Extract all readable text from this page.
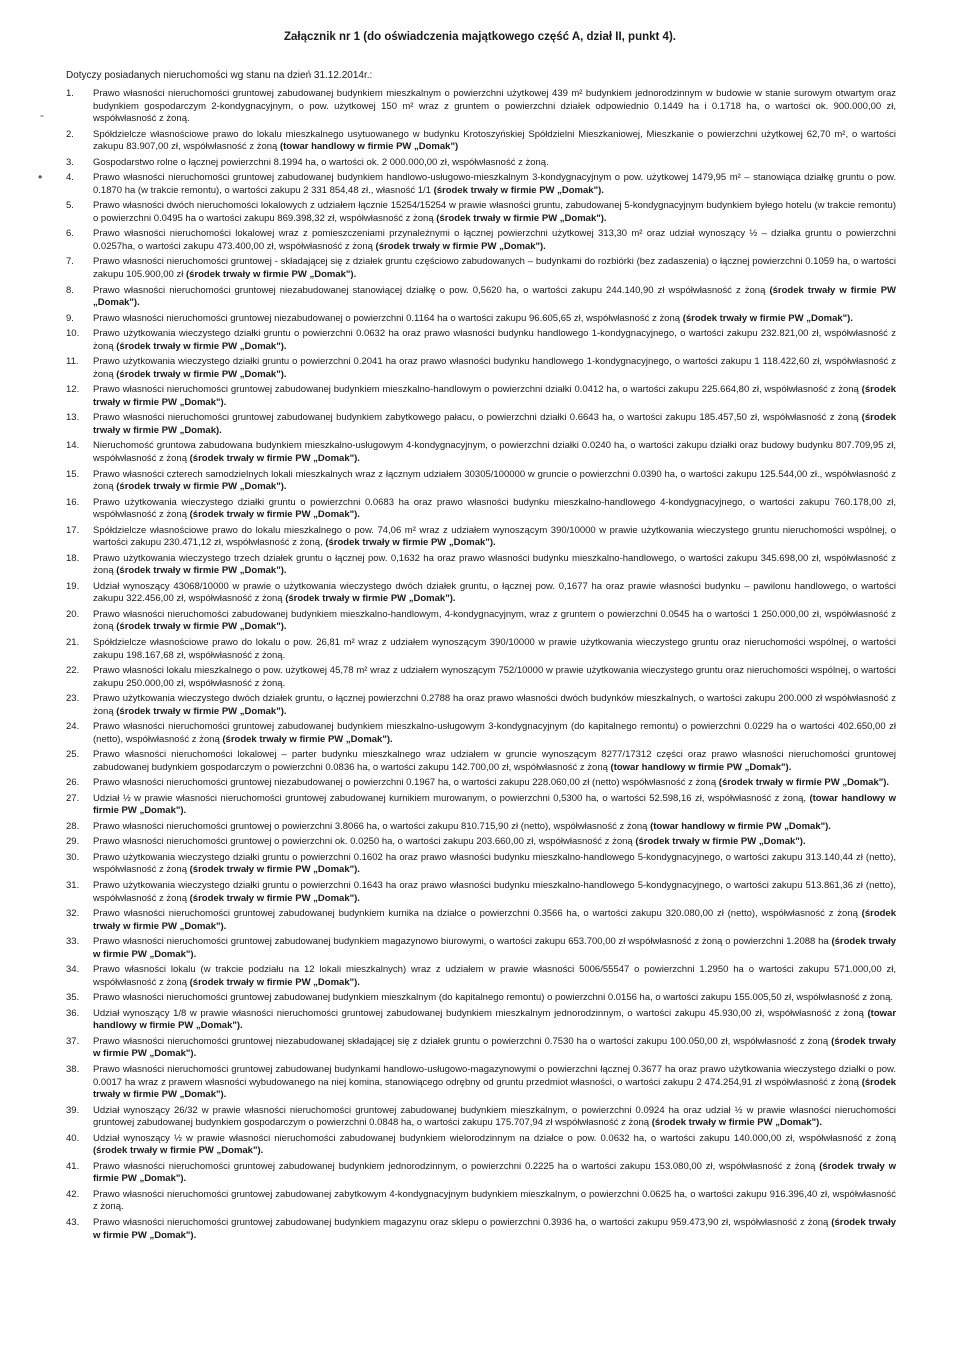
Załącznik nr 1 (do oświadczenia majątkowego część A, dział II, punkt 4).
Dotyczy posiadanych nieruchomości wg stanu na dzień 31.12.2014r.:
-
•
1. Prawo własności nieruchomości gruntowej zabudowanej budynkiem mieszkalnym o powierzchni użytkowej 439 m² budynkiem jednorodzinnym w budowie w stanie surowym otwartym oraz budynkiem gospodarczym 2-kondygnacyjnym, o pow. użytkowej 150 m² wraz z gruntem o powierzchni działek odpowiednio 0.1449 ha i 0.1718 ha, o wartości ok. 900.000,00 zł, współwłasność z żoną.
2. Spółdzielcze własnościowe prawo do lokalu mieszkalnego usytuowanego w budynku Krotoszyńskiej Spółdzielni Mieszkaniowej, Mieszkanie o powierzchni użytkowej 62,70 m², o wartości zakupu 83.907,00 zł, współwłasność z żoną (towar handlowy w firmie PW „Domak")
3. Gospodarstwo rolne o łącznej powierzchni 8.1994 ha, o wartości ok. 2 000.000,00 zł, współwłasność z żoną.
4. Prawo własności nieruchomości gruntowej zabudowanej budynkiem handlowo-usługowo-mieszkalnym 3-kondygnacyjnym o pow. użytkowej 1479,95 m² – stanowiąca działkę gruntu o pow. 0.1870 ha (w trakcie remontu), o wartości zakupu 2 331 854,48 zł., własność 1/1 (środek trwały w firmie PW „Domak").
5. Prawo własności dwóch nieruchomości lokalowych z udziałem łącznie 15254/15254 w prawie własności gruntu, zabudowanej 5-kondygnacyjnym budynkiem byłego hotelu (w trakcie remontu) o powierzchni 0.0495 ha o wartości zakupu 869.398,32 zł, współwłasność z żoną (środek trwały w firmie PW „Domak").
6. Prawo własności nieruchomości lokalowej wraz z pomieszczeniami przynależnymi o łącznej powierzchni użytkowej 313,30 m² oraz udział wynoszący ½ – działka gruntu o powierzchni 0.0257ha, o wartości zakupu 473.400,00 zł, współwłasność z żoną (środek trwały w firmie PW „Domak").
7. Prawo własności nieruchomości gruntowej - składającej się z działek gruntu częściowo zabudowanych – budynkami do rozbiórki (bez zadaszenia) o łącznej powierzchni 0.1059 ha, o wartości zakupu 105.900,00 zł (środek trwały w firmie PW „Domak").
8. Prawo własności nieruchomości gruntowej niezabudowanej stanowiącej działkę o pow. 0,5620 ha, o wartości zakupu 244.140,90 zł współwłasność z żoną (środek trwały w firmie PW „Domak").
9. Prawo własności nieruchomości gruntowej niezabudowanej o powierzchni 0.1164 ha o wartości zakupu 96.605,65 zł, współwłasność z żoną (środek trwały w firmie PW „Domak").
10. Prawo użytkowania wieczystego działki gruntu o powierzchni 0.0632 ha oraz prawo własności budynku handlowego 1-kondygnacyjnego, o wartości zakupu 232.821,00 zł, współwłasność z żoną (środek trwały w firmie PW „Domak").
11. Prawo użytkowania wieczystego działki gruntu o powierzchni 0.2041 ha oraz prawo własności budynku handlowego 1-kondygnacyjnego, o wartości zakupu 1 118.422,60 zł, współwłasność z żoną (środek trwały w firmie PW „Domak").
12. Prawo własności nieruchomości gruntowej zabudowanej budynkiem mieszkalno-handlowym o powierzchni działki 0.0412 ha, o wartości zakupu 225.664,80 zł, współwłasność z żoną (środek trwały w firmie PW „Domak").
13. Prawo własności nieruchomości gruntowej zabudowanej budynkiem zabytkowego pałacu, o powierzchni działki 0.6643 ha, o wartości zakupu 185.457,50 zł, współwłasność z żoną (środek trwały w firmie PW „Domak).
14. Nieruchomość gruntowa zabudowana budynkiem mieszkalno-usługowym 4-kondygnacyjnym, o powierzchni działki 0.0240 ha, o wartości zakupu działki oraz budowy budynku 807.709,95 zł, współwłasność z żoną (środek trwały w firmie PW „Domak").
15. Prawo własności czterech samodzielnych lokali mieszkalnych wraz z łącznym udziałem 30305/100000 w gruncie o powierzchni 0.0390 ha, o wartości zakupu 125.544,00 zł., współwłasność z żoną (środek trwały w firmie PW „Domak").
16. Prawo użytkowania wieczystego działki gruntu o powierzchni 0.0683 ha oraz prawo własności budynku mieszkalno-handlowego 4-kondygnacyjnego, o wartości zakupu 760.178,00 zł, współwłasność z żoną (środek trwały w firmie PW „Domak").
17. Spółdzielcze własnościowe prawo do lokalu mieszkalnego o pow. 74,06 m² wraz z udziałem wynoszącym 390/10000 w prawie użytkowania wieczystego gruntu nieruchomości wspólnej, o wartości zakupu 230.471,12 zł, współwłasność z żoną, (środek trwały w firmie PW „Domak").
18. Prawo użytkowania wieczystego trzech działek gruntu o łącznej pow. 0,1632 ha oraz prawo własności budynku mieszkalno-handlowego, o wartości zakupu 345.698,00 zł, współwłasność z żoną (środek trwały w firmie PW „Domak").
19. Udział wynoszący 43068/10000 w prawie o użytkowania wieczystego dwóch działek gruntu, o łącznej pow. 0,1677 ha oraz prawie własności budynku – pawilonu handlowego, o wartości zakupu 322.456,00 zł, współwłasność z żoną (środek trwały w firmie PW „Domak").
20. Prawo własności nieruchomości zabudowanej budynkiem mieszkalno-handlowym, 4-kondygnacyjnym, wraz z gruntem o powierzchni 0.0545 ha o wartości 1 250.000,00 zł, współwłasność z żoną (środek trwały w firmie PW „Domak").
21. Spółdzielcze własnościowe prawo do lokalu o pow. 26,81 m² wraz z udziałem wynoszącym 390/10000 w prawie użytkowania wieczystego gruntu oraz nieruchomości wspólnej, o wartości zakupu 198.167,68 zł, współwłasność z żoną.
22. Prawo własności lokalu mieszkalnego o pow. użytkowej 45,78 m² wraz z udziałem wynoszącym 752/10000 w prawie użytkowania wieczystego gruntu oraz nieruchomości wspólnej, o wartości zakupu 250.000,00 zł, współwłasność z żoną.
23. Prawo użytkowania wieczystego dwóch działek gruntu, o łącznej powierzchni 0.2788 ha oraz prawo własności dwóch budynków mieszkalnych, o wartości zakupu 200.000 zł współwłasność z żoną (środek trwały w firmie PW „Domak").
24. Prawo własności nieruchomości gruntowej zabudowanej budynkiem mieszkalno-usługowym 3-kondygnacyjnym (do kapitalnego remontu) o powierzchni 0.0229 ha o wartości 402.650,00 zł (netto), współwłasność z żoną (środek trwały w firmie PW „Domak").
25. Prawo własności nieruchomości lokalowej – parter budynku mieszkalnego wraz udziałem w gruncie wynoszącym 8277/17312 części oraz prawo własności nieruchomości gruntowej zabudowanej budynkiem gospodarczym o powierzchni 0.0836 ha, o wartości zakupu 142.700,00 zł, współwłasność z żoną (towar handlowy w firmie PW „Domak").
26. Prawo własności nieruchomości gruntowej niezabudowanej o powierzchni 0.1967 ha, o wartości zakupu 228.060,00 zł (netto) współwłasność z żoną (środek trwały w firmie PW „Domak").
27. Udział ½ w prawie własności nieruchomości gruntowej zabudowanej kurnikiem murowanym, o powierzchni 0,5300 ha, o wartości 52.598,16 zł, współwłasność z żoną, (towar handlowy w firmie PW „Domak").
28. Prawo własności nieruchomości gruntowej o powierzchni 3.8066 ha, o wartości zakupu 810.715,90 zł (netto), współwłasność z żoną (towar handlowy w firmie PW „Domak").
29. Prawo własności nieruchomości gruntowej o powierzchni ok. 0.0250 ha, o wartości zakupu 203.660,00 zł, współwłasność z żoną (środek trwały w firmie PW „Domak").
30. Prawo użytkowania wieczystego działki gruntu o powierzchni 0.1602 ha oraz prawo własności budynku mieszkalno-handlowego 5-kondygnacyjnego, o wartości zakupu 313.140,44 zł (netto), współwłasność z żoną (środek trwały w firmie PW „Domak").
31. Prawo użytkowania wieczystego działki gruntu o powierzchni 0.1643 ha oraz prawo własności budynku mieszkalno-handlowego 5-kondygnacyjnego, o wartości zakupu 513.861,36 zł (netto), współwłasność z żoną (środek trwały w firmie PW „Domak").
32. Prawo własności nieruchomości gruntowej zabudowanej budynkiem kurnika na działce o powierzchni 0.3566 ha, o wartości zakupu 320.080,00 zł (netto), współwłasność z żoną (środek trwały w firmie PW „Domak").
33. Prawo własności nieruchomości gruntowej zabudowanej budynkiem magazynowo biurowymi, o wartości zakupu 653.700,00 zł współwłasność z żoną o powierzchni 1.2088 ha (środek trwały w firmie PW „Domak").
34. Prawo własności lokalu (w trakcie podziału na 12 lokali mieszkalnych) wraz z udziałem w prawie własności 5006/55547 o powierzchni 1.2950 ha o wartości zakupu 571.000,00 zł, współwłasność z żoną (środek trwały w firmie PW „Domak").
35. Prawo własności nieruchomości gruntowej zabudowanej budynkiem mieszkalnym (do kapitalnego remontu) o powierzchni 0.0156 ha, o wartości zakupu 155.005,50 zł, współwłasność z żoną.
36. Udział wynoszący 1/8 w prawie własności nieruchomości gruntowej zabudowanej budynkiem mieszkalnym jednorodzinnym, o wartości zakupu 45.930,00 zł, współwłasność z żoną (towar handlowy w firmie PW „Domak").
37. Prawo własności nieruchomości gruntowej niezabudowanej składającej się z działek gruntu o powierzchni 0.7530 ha o wartości zakupu 100.050,00 zł, współwłasność z żoną (środek trwały w firmie PW „Domak").
38. Prawo własności nieruchomości gruntowej zabudowanej budynkami handlowo-usługowo-magazynowymi o powierzchni łącznej 0.3677 ha oraz prawo użytkowania wieczystego działki o pow. 0.0017 ha wraz z prawem własności wybudowanego na niej komina, stanowiącego odrębny od gruntu przedmiot własności, o wartości zakupu 2 474.254,91 zł współwłasność z żoną (środek trwały w firmie PW „Domak").
39. Udział wynoszący 26/32 w prawie własności nieruchomości gruntowej zabudowanej budynkiem mieszkalnym, o powierzchni 0.0924 ha oraz udział ½ w prawie własności nieruchomości gruntowej zabudowanej budynkiem gospodarczym o powierzchni 0.0848 ha, o wartości zakupu 175.707,94 zł współwłasność z żoną (środek trwały w firmie PW „Domak").
40. Udział wynoszący ½ w prawie własności nieruchomości zabudowanej budynkiem wielorodzinnym na działce o pow. 0.0632 ha, o wartości zakupu 140.000,00 zł, współwłasność z żoną (środek trwały w firmie PW „Domak").
41. Prawo własności nieruchomości gruntowej zabudowanej budynkiem jednorodzinnym, o powierzchni 0.2225 ha o wartości zakupu 153.080,00 zł, współwłasność z żoną (środek trwały w firmie PW „Domak").
42. Prawo własności nieruchomości gruntowej zabudowanej zabytkowym 4-kondygnacyjnym budynkiem mieszkalnym, o powierzchni 0.0625 ha, o wartości zakupu 916.396,40 zł, współwłasność z żoną.
43. Prawo własności nieruchomości gruntowej zabudowanej budynkiem magazynu oraz sklepu o powierzchni 0.3936 ha, o wartości zakupu 959.473,90 zł, współwłasność z żoną (środek trwały w firmie PW „Domak").
